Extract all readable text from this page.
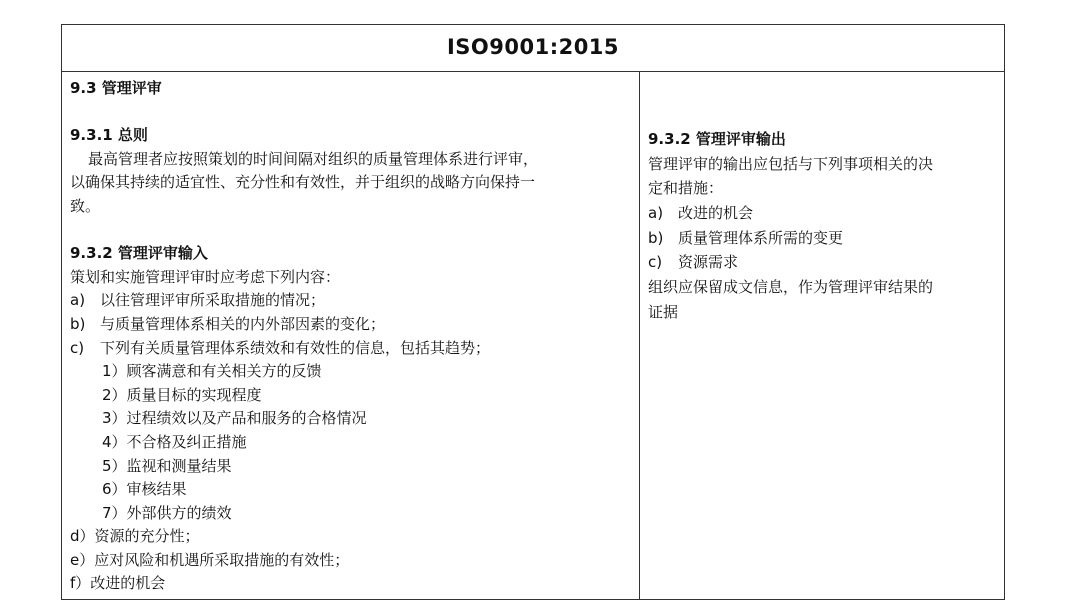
ISO9001:2015
9.3 管理评审
9.3.1 总则
最高管理者应按照策划的时间间隔对组织的质量管理体系进行评审，
以确保其持续的适宜性、充分性和有效性，并于组织的战略方向保持一
致。
9.3.2 管理评审输入
策划和实施管理评审时应考虑下列内容：
a) 以往管理评审所采取措施的情况；
b) 与质量管理体系相关的内外部因素的变化；
c) 下列有关质量管理体系绩效和有效性的信息，包括其趋势；
1）顾客满意和有关相关方的反馈
2）质量目标的实现程度
3）过程绩效以及产品和服务的合格情况
4）不合格及纠正措施
5）监视和测量结果
6）审核结果
7）外部供方的绩效
d）资源的充分性；
e）应对风险和机遇所采取措施的有效性；
f）改进的机会
9.3.2 管理评审输出
管理评审的输出应包括与下列事项相关的决
定和措施：
a) 改进的机会
b) 质量管理体系所需的变更
c) 资源需求
组织应保留成文信息，作为管理评审结果的
证据
